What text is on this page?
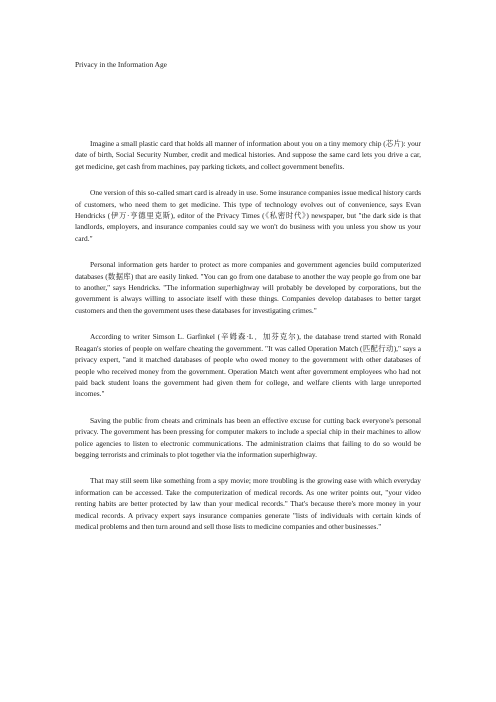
Privacy in the Information Age

Imagine a small plastic card that holds all manner of information about you on a tiny memory chip (芯片): your date of birth, Social Security Number, credit and medical histories. And suppose the same card lets you drive a car, get medicine, get cash from machines, pay parking tickets, and collect government benefits.

One version of this so-called smart card is already in use. Some insurance companies issue medical history cards of customers, who need them to get medicine. This type of technology evolves out of convenience, says Evan Hendricks (伊万·亨德里克斯), editor of the Privacy Times (《私密时代》) newspaper, but "the dark side is that landlords, employers, and insurance companies could say we won't do business with you unless you show us your card."

Personal information gets harder to protect as more companies and government agencies build computerized databases (数据库) that are easily linked. "You can go from one database to another the way people go from one bar to another," says Hendricks. "The information superhighway will probably be developed by corporations, but the government is always willing to associate itself with these things. Companies develop databases to better target customers and then the government uses these databases for investigating crimes."

According to writer Simson L. Garfinkel (辛姆森·L．加芬克尔), the database trend started with Ronald Reagan's stories of people on welfare cheating the government. "It was called Operation Match (匹配行动)," says a privacy expert, "and it matched databases of people who owed money to the government with other databases of people who received money from the government. Operation Match went after government employees who had not paid back student loans the government had given them for college, and welfare clients with large unreported incomes."

Saving the public from cheats and criminals has been an effective excuse for cutting back everyone's personal privacy. The government has been pressing for computer makers to include a special chip in their machines to allow police agencies to listen to electronic communications. The administration claims that failing to do so would be begging terrorists and criminals to plot together via the information superhighway.

That may still seem like something from a spy movie; more troubling is the growing ease with which everyday information can be accessed. Take the computerization of medical records. As one writer points out, "your video renting habits are better protected by law than your medical records." That's because there's more money in your medical records. A privacy expert says insurance companies generate "lists of individuals with certain kinds of medical problems and then turn around and sell those lists to medicine companies and other businesses."
